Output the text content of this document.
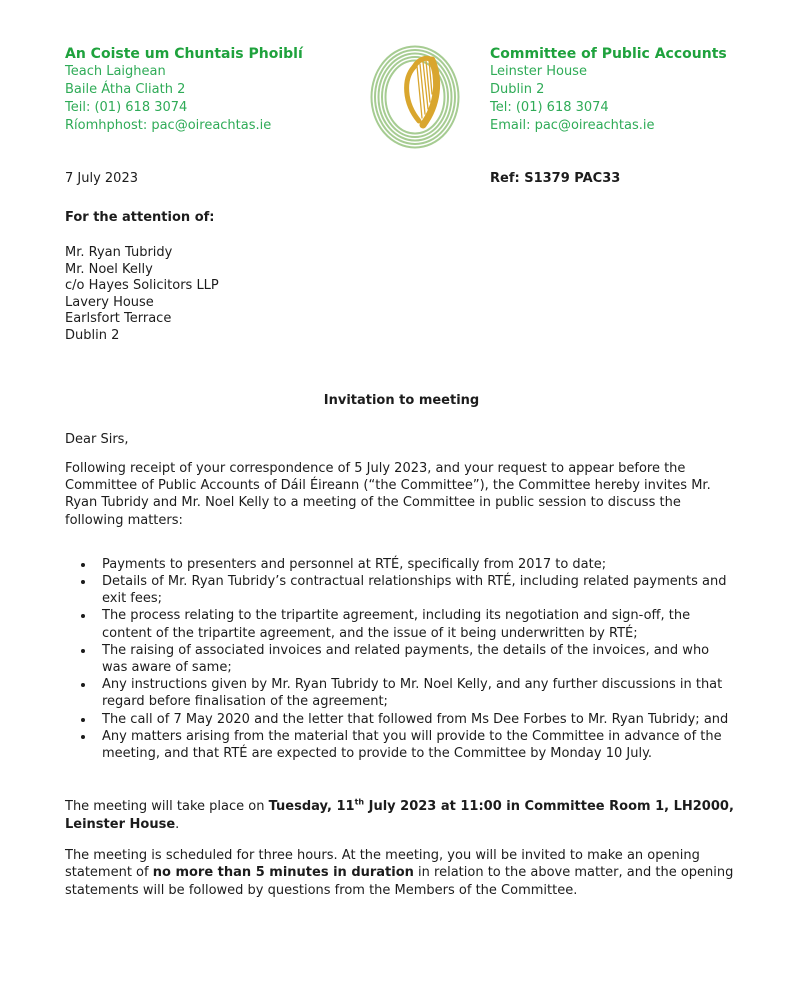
An Coiste um Chuntais Phoiblí
Teach Laighean
Baile Átha Cliath 2
Teil: (01) 618 3074
Ríomhphost: pac@oireachtas.ie
Committee of Public Accounts
Leinster House
Dublin 2
Tel: (01) 618 3074
Email: pac@oireachtas.ie
7 July 2023	Ref: S1379 PAC33
For the attention of:
Mr. Ryan Tubridy
Mr. Noel Kelly
c/o Hayes Solicitors LLP
Lavery House
Earlsfort Terrace
Dublin 2
Invitation to meeting
Dear Sirs,

Following receipt of your correspondence of 5 July 2023, and your request to appear before the Committee of Public Accounts of Dáil Éireann (“the Committee”), the Committee hereby invites Mr. Ryan Tubridy and Mr. Noel Kelly to a meeting of the Committee in public session to discuss the following matters:

• Payments to presenters and personnel at RTÉ, specifically from 2017 to date;
• Details of Mr. Ryan Tubridy’s contractual relationships with RTÉ, including related payments and exit fees;
• The process relating to the tripartite agreement, including its negotiation and sign-off, the content of the tripartite agreement, and the issue of it being underwritten by RTÉ;
• The raising of associated invoices and related payments, the details of the invoices, and who was aware of same;
• Any instructions given by Mr. Ryan Tubridy to Mr. Noel Kelly, and any further discussions in that regard before finalisation of the agreement;
• The call of 7 May 2020 and the letter that followed from Ms Dee Forbes to Mr. Ryan Tubridy; and
• Any matters arising from the material that you will provide to the Committee in advance of the meeting, and that RTÉ are expected to provide to the Committee by Monday 10 July.

The meeting will take place on Tuesday, 11th July 2023 at 11:00 in Committee Room 1, LH2000, Leinster House.

The meeting is scheduled for three hours. At the meeting, you will be invited to make an opening statement of no more than 5 minutes in duration in relation to the above matter, and the opening statements will be followed by questions from the Members of the Committee.
